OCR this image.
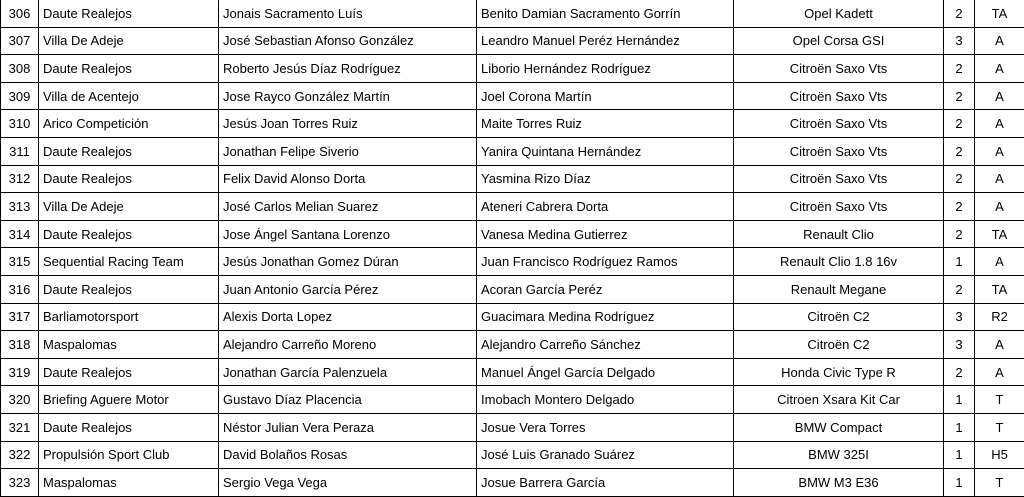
306	Daute Realejos	Jonais Sacramento Luís	Benito Damian Sacramento Gorrín	Opel Kadett	2	TA
307	Villa De Adeje	José Sebastian Afonso González	Leandro Manuel Peréz Hernández	Opel Corsa GSI	3	A
308	Daute Realejos	Roberto Jesús Díaz Rodríguez	Liborio Hernández Rodríguez	Citroën Saxo Vts	2	A
309	Villa de Acentejo	Jose Rayco González Martín	Joel Corona Martín	Citroën Saxo Vts	2	A
310	Arico Competición	Jesús Joan Torres Ruiz	Maite Torres Ruiz	Citroën Saxo Vts	2	A
311	Daute Realejos	Jonathan Felipe Siverio	Yanira Quintana Hernández	Citroën Saxo Vts	2	A
312	Daute Realejos	Felix David Alonso Dorta	Yasmina Rizo Díaz	Citroën Saxo Vts	2	A
313	Villa De Adeje	José Carlos Melian Suarez	Ateneri Cabrera Dorta	Citroën Saxo Vts	2	A
314	Daute Realejos	Jose Ángel Santana Lorenzo	Vanesa Medina Gutierrez	Renault Clio	2	TA
315	Sequential Racing Team	Jesús Jonathan Gomez Dúran	Juan Francisco Rodríguez Ramos	Renault Clio 1.8 16v	1	A
316	Daute Realejos	Juan Antonio García Pérez	Acoran García Peréz	Renault Megane	2	TA
317	Barliamotorsport	Alexis Dorta Lopez	Guacimara Medina Rodríguez	Citroën C2	3	R2
318	Maspalomas	Alejandro Carreño Moreno	Alejandro Carreño Sánchez	Citroën C2	3	A
319	Daute Realejos	Jonathan García Palenzuela	Manuel Ángel García Delgado	Honda Civic Type R	2	A
320	Briefing Aguere Motor	Gustavo Díaz Placencia	Imobach Montero Delgado	Citroen Xsara Kit Car	1	T
321	Daute Realejos	Néstor Julian Vera Peraza	Josue Vera Torres	BMW Compact	1	T
322	Propulsión Sport Club	David Bolaños Rosas	José Luis Granado Suárez	BMW 325I	1	H5
323	Maspalomas	Sergio Vega Vega	Josue Barrera García	BMW M3 E36	1	T
